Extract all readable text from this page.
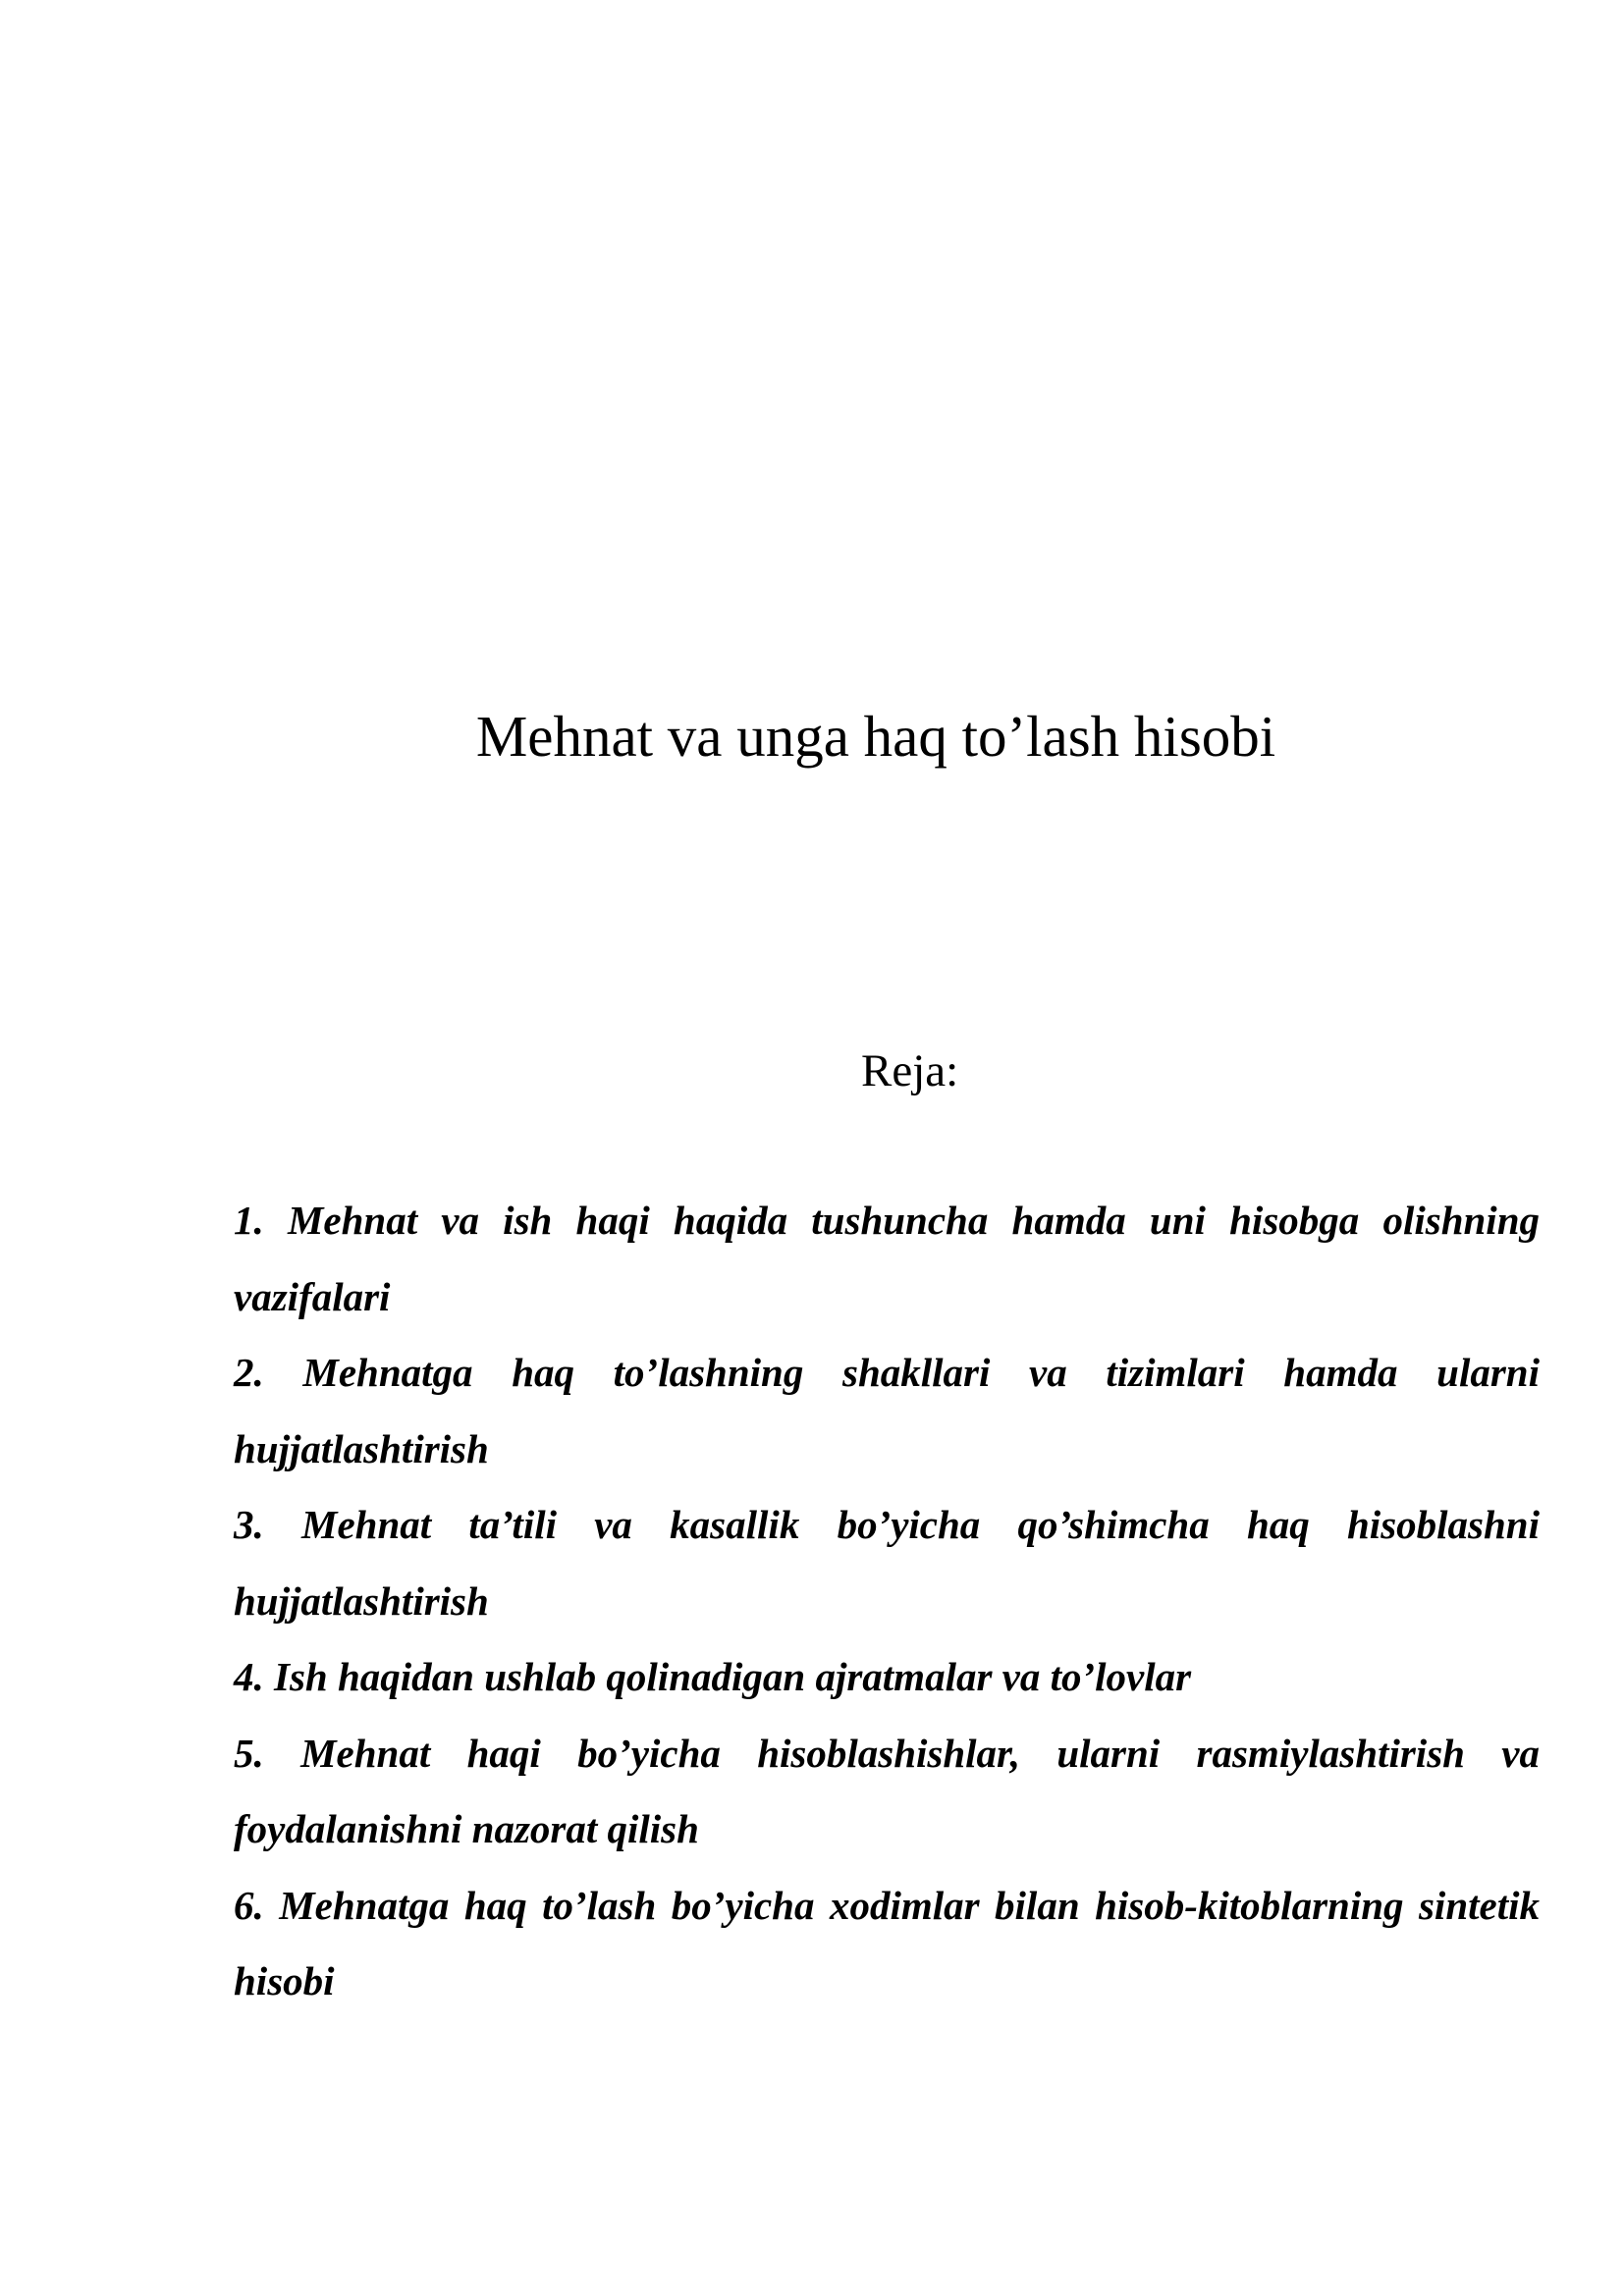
Mehnat va unga haq to’lash hisobi

Reja:

1. Mehnat va ish haqi haqida tushuncha hamda uni hisobga olishning vazifalari
2. Mehnatga haq to’lashning shakllari va tizimlari hamda ularni hujjatlashtirish
3. Mehnat ta’tili va kasallik bo’yicha qo’shimcha haq hisoblashni hujjatlashtirish
4. Ish haqidan ushlab qolinadigan ajratmalar va to’lovlar
5. Mehnat haqi bo’yicha hisoblashishlar, ularni rasmiylashtirish va foydalanishni nazorat qilish
6. Mehnatga haq to’lash bo’yicha xodimlar bilan hisob-kitoblarning sintetik hisobi
